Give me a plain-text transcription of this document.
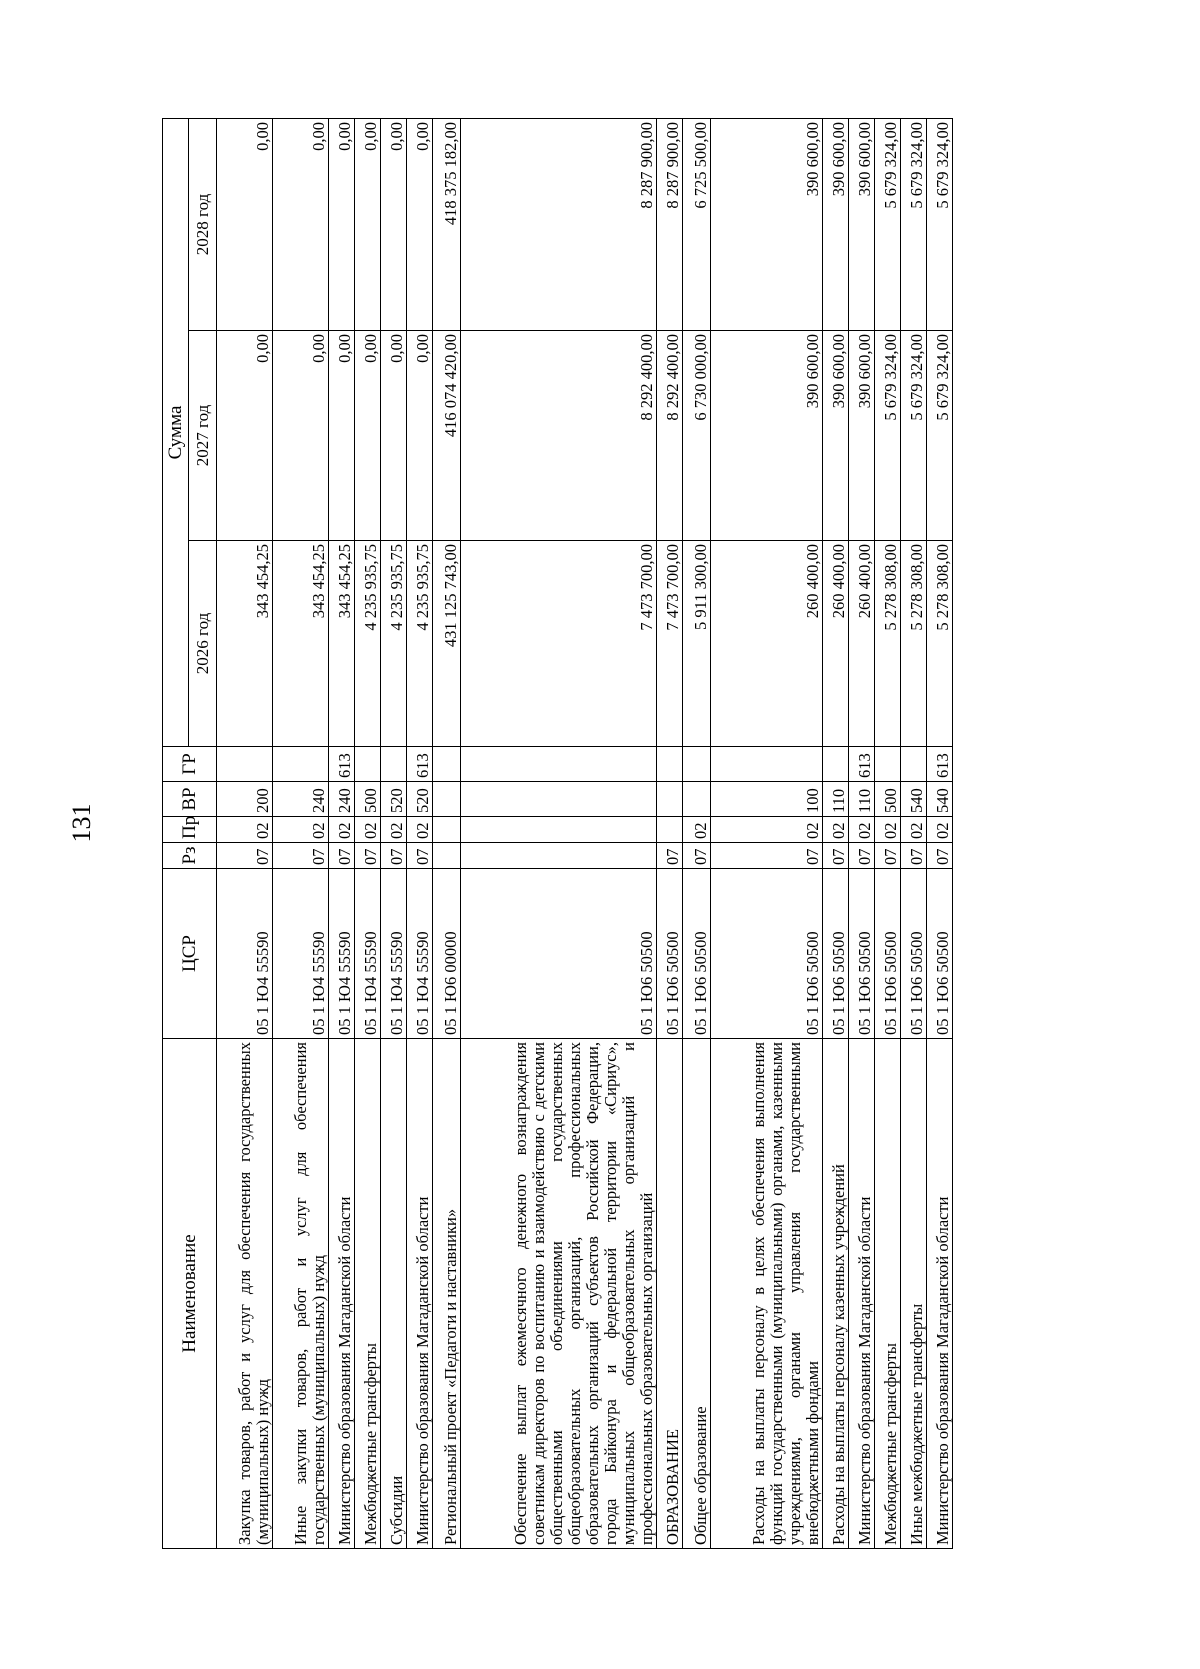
131
Наименование	ЦСР	Рз	Пр	ВР	ГР	Сумма		
						2026 год	2027 год	2028 год
Закупка товаров, работ и услуг для обеспечения государственных (муниципальных) нужд	05 1 Ю4 55590	07	02	200		343 454,25	0,00	0,00
Иные закупки товаров, работ и услуг для обеспечения государственных (муниципальных) нужд	05 1 Ю4 55590	07	02	240		343 454,25	0,00	0,00
Министерство образования Магаданской области	05 1 Ю4 55590	07	02	240	613	343 454,25	0,00	0,00
Межбюджетные трансферты	05 1 Ю4 55590	07	02	500		4 235 935,75	0,00	0,00
Субсидии	05 1 Ю4 55590	07	02	520		4 235 935,75	0,00	0,00
Министерство образования Магаданской области	05 1 Ю4 55590	07	02	520	613	4 235 935,75	0,00	0,00
Региональный проект «Педагоги и наставники»	05 1 Ю6 00000					431 125 743,00	416 074 420,00	418 375 182,00
Обеспечение выплат ежемесячного денежного вознаграждения советникам директоров по воспитанию и взаимодействию с детскими общественными объединениями государственных общеобразовательных организаций, профессиональных образовательных организаций субъектов Российской Федерации, города Байконура и федеральной территории «Сириус», муниципальных общеобразовательных организаций и профессиональных образовательных организаций	05 1 Ю6 50500					7 473 700,00	8 292 400,00	8 287 900,00
ОБРАЗОВАНИЕ	05 1 Ю6 50500	07				7 473 700,00	8 292 400,00	8 287 900,00
Общее образование	05 1 Ю6 50500	07	02			5 911 300,00	6 730 000,00	6 725 500,00
Расходы на выплаты персоналу в целях обеспечения выполнения функций государственными (муниципальными) органами, казенными учреждениями, органами управления государственными внебюджетными фондами	05 1 Ю6 50500	07	02	100		260 400,00	390 600,00	390 600,00
Расходы на выплаты персоналу казенных учреждений	05 1 Ю6 50500	07	02	110		260 400,00	390 600,00	390 600,00
Министерство образования Магаданской области	05 1 Ю6 50500	07	02	110	613	260 400,00	390 600,00	390 600,00
Межбюджетные трансферты	05 1 Ю6 50500	07	02	500		5 278 308,00	5 679 324,00	5 679 324,00
Иные межбюджетные трансферты	05 1 Ю6 50500	07	02	540		5 278 308,00	5 679 324,00	5 679 324,00
Министерство образования Магаданской области	05 1 Ю6 50500	07	02	540	613	5 278 308,00	5 679 324,00	5 679 324,00
